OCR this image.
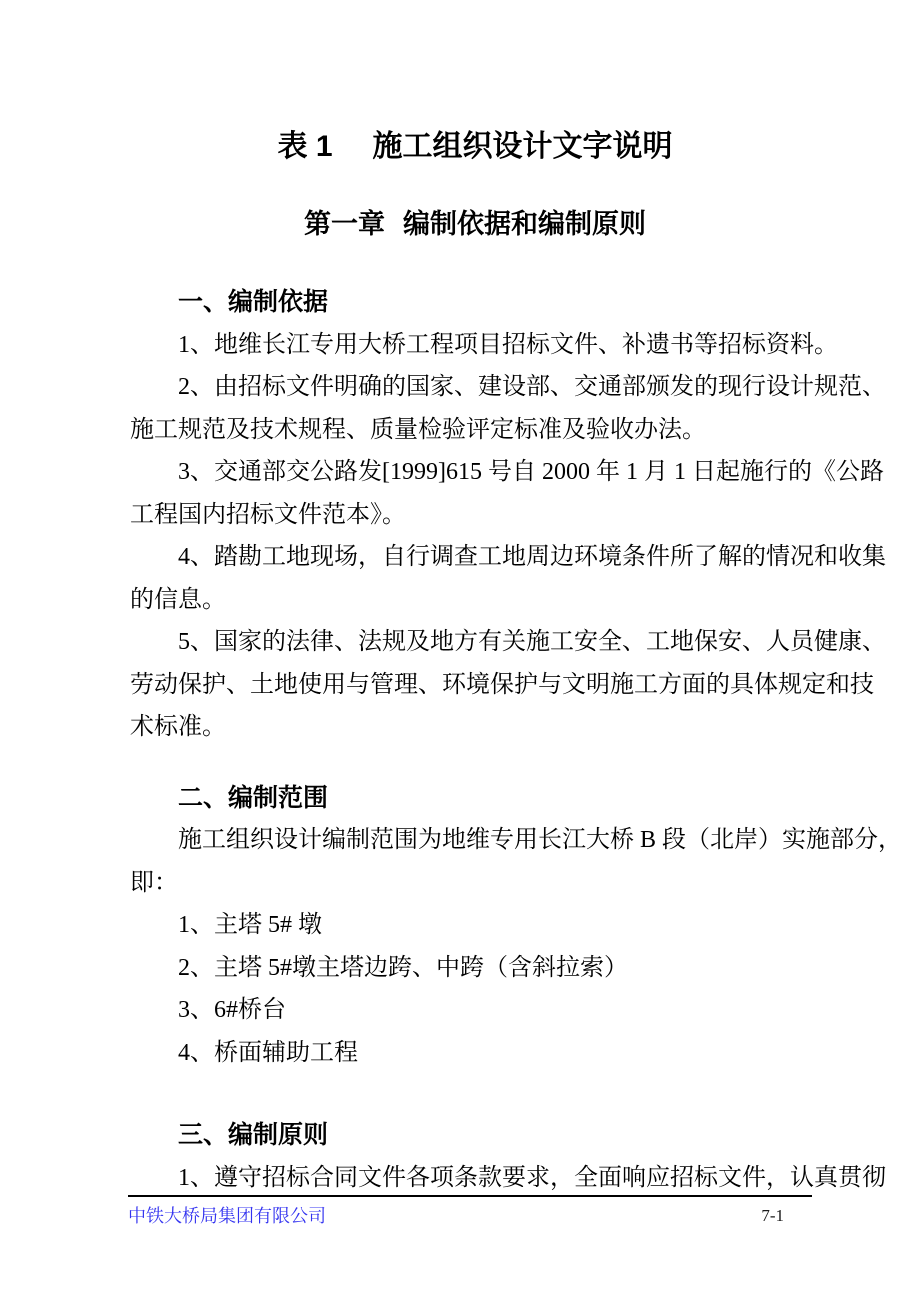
表 1 施工组织设计文字说明
第一章 编制依据和编制原则
一、编制依据
1、地维长江专用大桥工程项目招标文件、补遗书等招标资料。
2、由招标文件明确的国家、建设部、交通部颁发的现行设计规范、
施工规范及技术规程、质量检验评定标准及验收办法。
3、交通部交公路发[1999]615 号自 2000 年 1 月 1 日起施行的《公路
工程国内招标文件范本》。
4、踏勘工地现场，自行调查工地周边环境条件所了解的情况和收集
的信息。
5、国家的法律、法规及地方有关施工安全、工地保安、人员健康、
劳动保护、土地使用与管理、环境保护与文明施工方面的具体规定和技
术标准。
二、编制范围
施工组织设计编制范围为地维专用长江大桥 B 段（北岸）实施部分，
即：
1、主塔 5# 墩
2、主塔 5#墩主塔边跨、中跨（含斜拉索）
3、6#桥台
4、桥面辅助工程
三、编制原则
1、遵守招标合同文件各项条款要求，全面响应招标文件，认真贯彻
中铁大桥局集团有限公司	7-1
